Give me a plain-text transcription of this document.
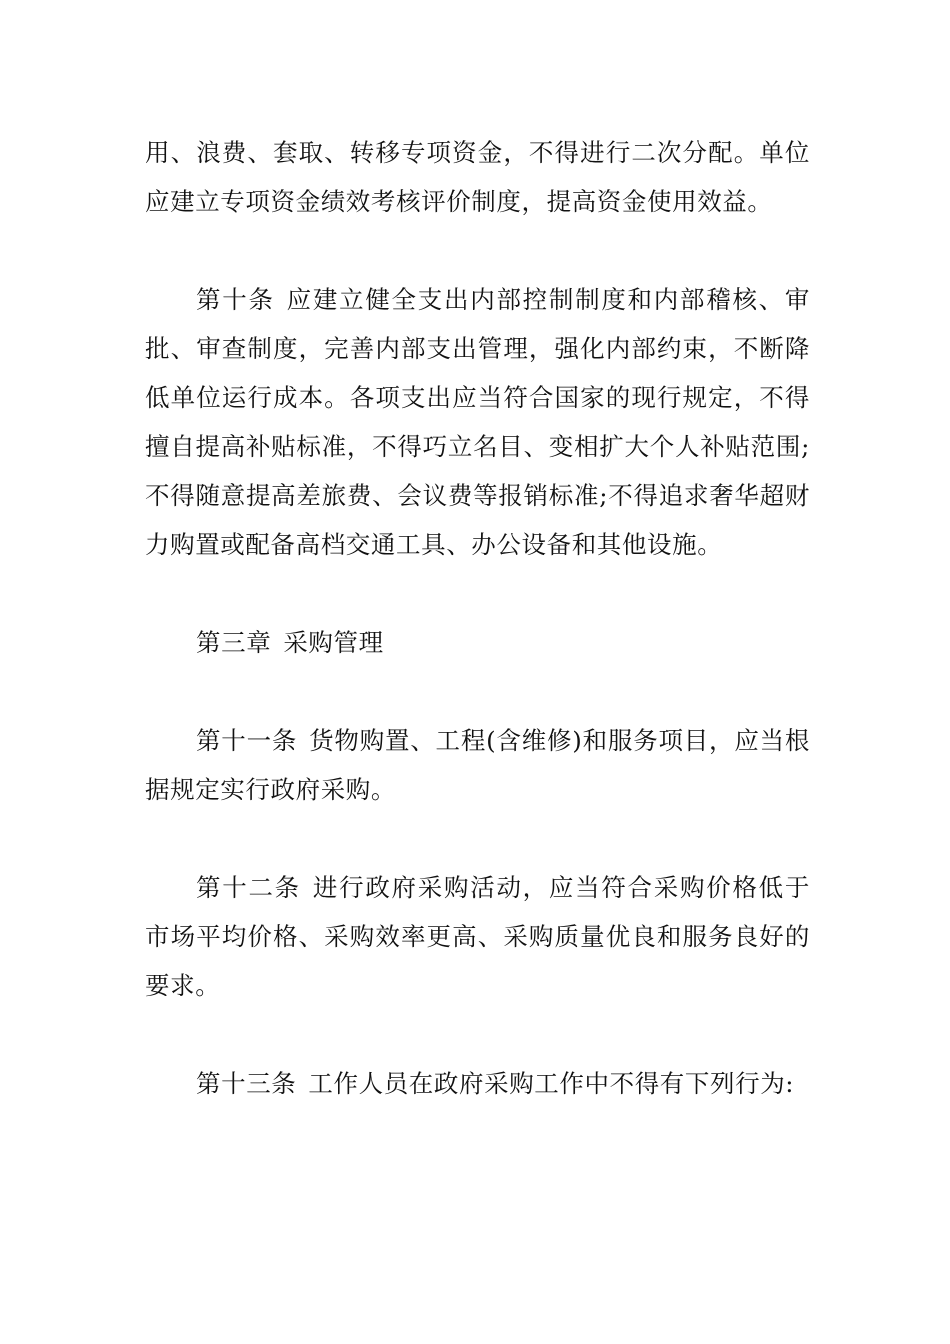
用、浪费、套取、转移专项资金，不得进行二次分配。单位应建立专项资金绩效考核评价制度，提高资金使用效益。

第十条 应建立健全支出内部控制制度和内部稽核、审批、审查制度，完善内部支出管理，强化内部约束，不断降低单位运行成本。各项支出应当符合国家的现行规定，不得擅自提高补贴标准，不得巧立名目、变相扩大个人补贴范围;不得随意提高差旅费、会议费等报销标准;不得追求奢华超财力购置或配备高档交通工具、办公设备和其他设施。

第三章 采购管理

第十一条 货物购置、工程(含维修)和服务项目，应当根据规定实行政府采购。

第十二条 进行政府采购活动，应当符合采购价格低于市场平均价格、采购效率更高、采购质量优良和服务良好的要求。

第十三条 工作人员在政府采购工作中不得有下列行为:
